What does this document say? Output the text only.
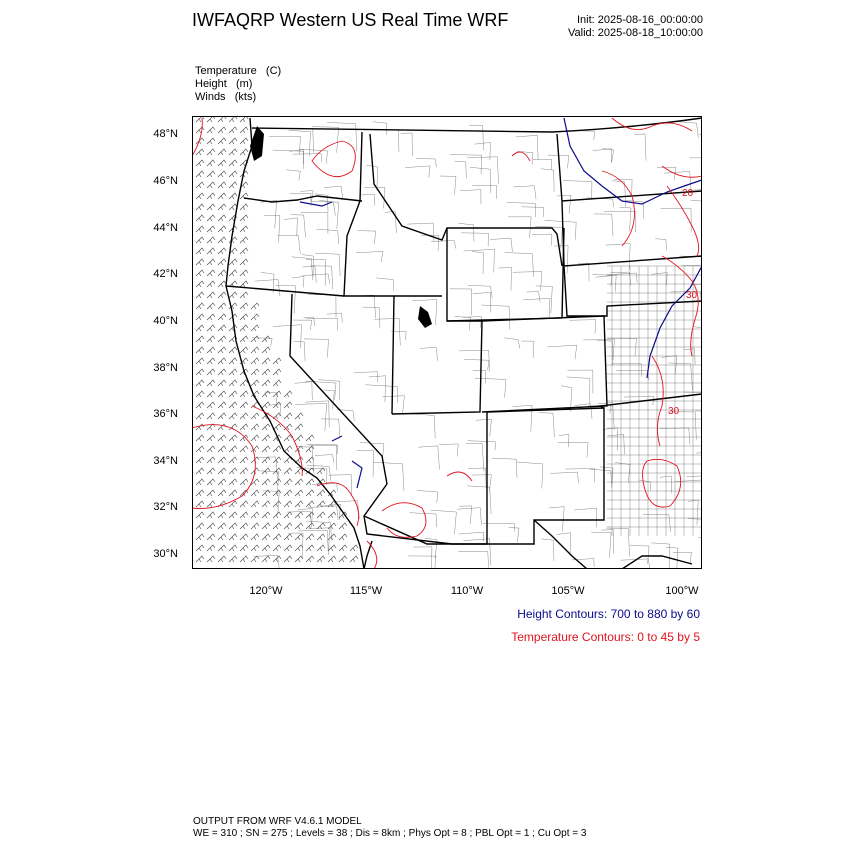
IWFAQRP Western US Real Time WRF	Init: 2025-08-16_00:00:00
Valid: 2025-08-18_10:00:00
Temperature   (C)
Height   (m)
Winds   (kts)
20
30
30
48°N
46°N
44°N
42°N
40°N
38°N
36°N
34°N
32°N
30°N
120°W	115°W	110°W	105°W	100°W
Height Contours: 700 to 880 by 60
Temperature Contours: 0 to 45 by 5
OUTPUT FROM WRF V4.6.1 MODEL
WE = 310 ; SN = 275 ; Levels = 38 ; Dis = 8km ; Phys Opt = 8 ; PBL Opt = 1 ; Cu Opt = 3
